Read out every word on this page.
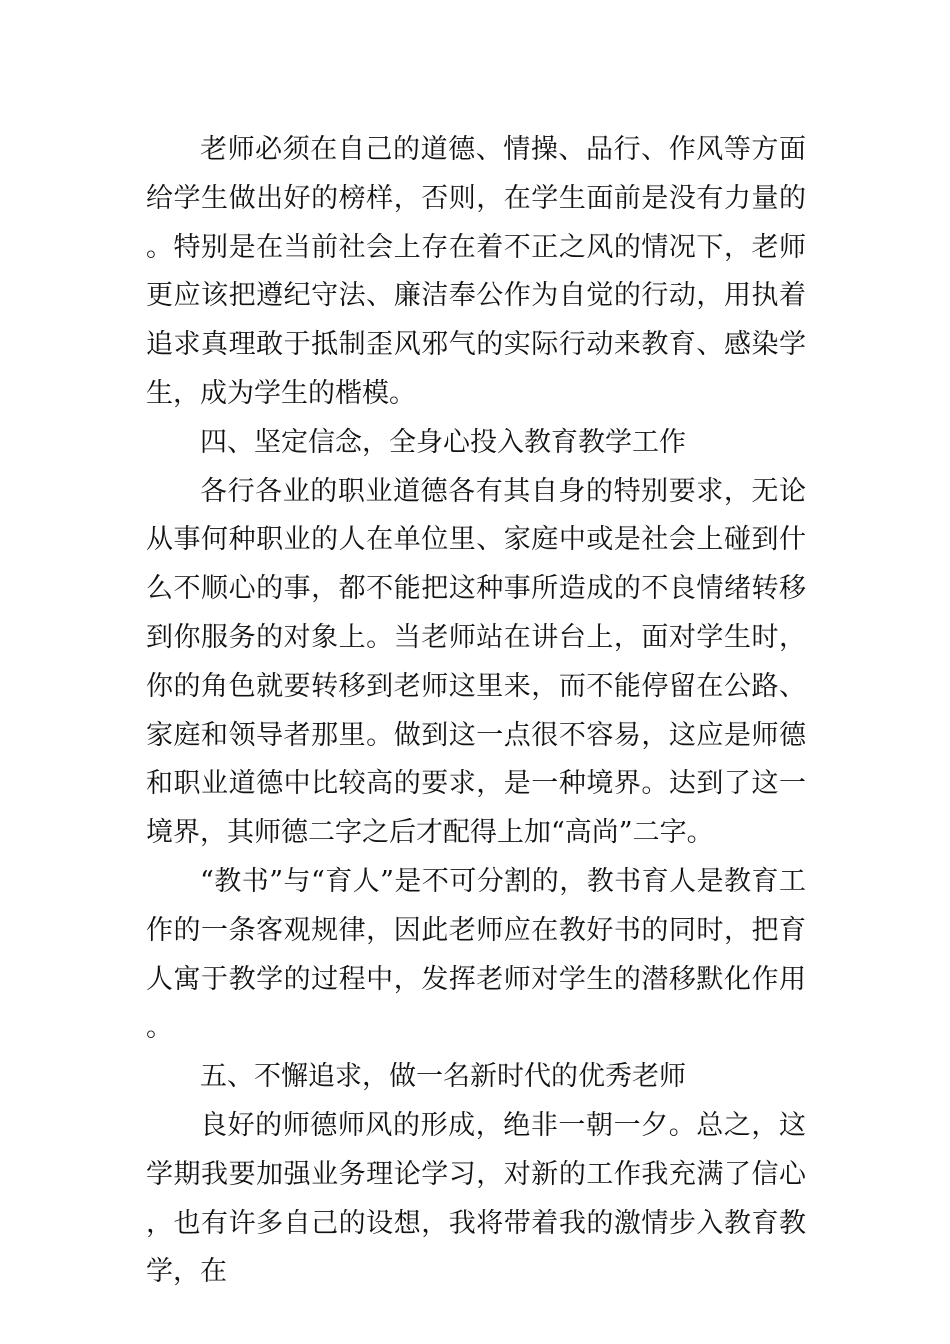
老师必须在自己的道德、情操、品行、作风等方面给学生做出好的榜样，否则，在学生面前是没有力量的。特别是在当前社会上存在着不正之风的情况下，老师更应该把遵纪守法、廉洁奉公作为自觉的行动，用执着追求真理敢于抵制歪风邪气的实际行动来教育、感染学生，成为学生的楷模。

四、坚定信念，全身心投入教育教学工作

各行各业的职业道德各有其自身的特别要求，无论从事何种职业的人在单位里、家庭中或是社会上碰到什么不顺心的事，都不能把这种事所造成的不良情绪转移到你服务的对象上。当老师站在讲台上，面对学生时，你的角色就要转移到老师这里来，而不能停留在公路、家庭和领导者那里。做到这一点很不容易，这应是师德和职业道德中比较高的要求，是一种境界。达到了这一境界，其师德二字之后才配得上加“高尚”二字。

“教书”与“育人”是不可分割的，教书育人是教育工作的一条客观规律，因此老师应在教好书的同时，把育人寓于教学的过程中，发挥老师对学生的潜移默化作用。

五、不懈追求，做一名新时代的优秀老师

良好的师德师风的形成，绝非一朝一夕。总之，这学期我要加强业务理论学习，对新的工作我充满了信心，也有许多自己的设想，我将带着我的激情步入教育教学，在
